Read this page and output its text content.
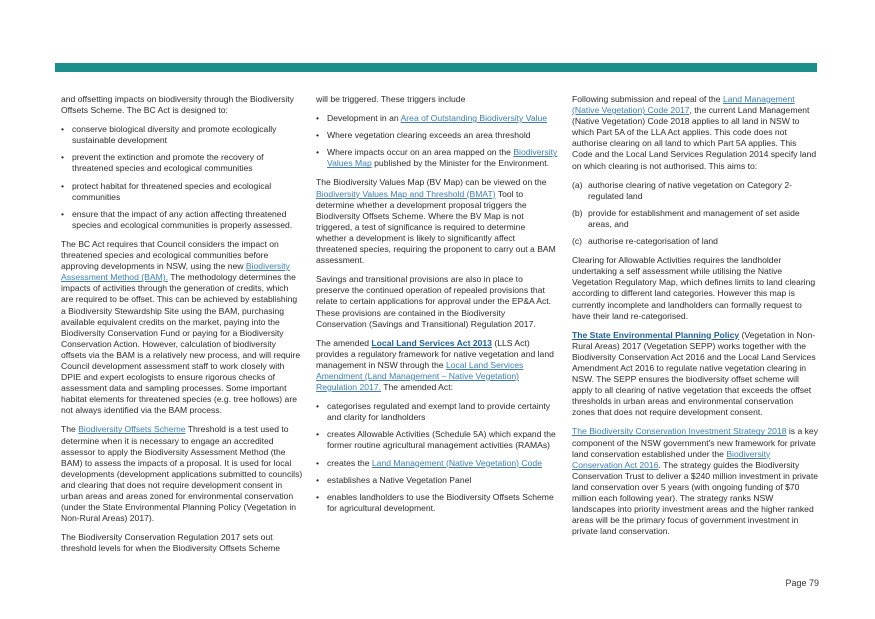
and offsetting impacts on biodiversity through the Biodiversity Offsets Scheme. The BC Act is designed to:

• conserve biological diversity and promote ecologically sustainable development
• prevent the extinction and promote the recovery of threatened species and ecological communities
• protect habitat for threatened species and ecological communities
• ensure that the impact of any action affecting threatened species and ecological communities is properly assessed.

The BC Act requires that Council considers the impact on threatened species and ecological communities before approving developments in NSW, using the new Biodiversity Assessment Method (BAM). The methodology determines the impacts of activities through the generation of credits, which are required to be offset. This can be achieved by establishing a Biodiversity Stewardship Site using the BAM, purchasing available equivalent credits on the market, paying into the Biodiversity Conservation Fund or paying for a Biodiversity Conservation Action. However, calculation of biodiversity offsets via the BAM is a relatively new process, and will require Council development assessment staff to work closely with DPIE and expert ecologists to ensure rigorous checks of assessment data and sampling processes. Some important habitat elements for threatened species (e.g. tree hollows) are not always identified via the BAM process.

The Biodiversity Offsets Scheme Threshold is a test used to determine when it is necessary to engage an accredited assessor to apply the Biodiversity Assessment Method (the BAM) to assess the impacts of a proposal. It is used for local developments (development applications submitted to councils) and clearing that does not require development consent in urban areas and areas zoned for environmental conservation (under the State Environmental Planning Policy (Vegetation in Non-Rural Areas) 2017).

The Biodiversity Conservation Regulation 2017 sets out threshold levels for when the Biodiversity Offsets Scheme

will be triggered. These triggers include

• Development in an Area of Outstanding Biodiversity Value
• Where vegetation clearing exceeds an area threshold
• Where impacts occur on an area mapped on the Biodiversity Values Map published by the Minister for the Environment.

The Biodiversity Values Map (BV Map) can be viewed on the Biodiversity Values Map and Threshold (BMAT) Tool to determine whether a development proposal triggers the Biodiversity Offsets Scheme. Where the BV Map is not triggered, a test of significance is required to determine whether a development is likely to significantly affect threatened species, requiring the proponent to carry out a BAM assessment.

Savings and transitional provisions are also in place to preserve the continued operation of repealed provisions that relate to certain applications for approval under the EP&A Act. These provisions are contained in the Biodiversity Conservation (Savings and Transitional) Regulation 2017.

The amended Local Land Services Act 2013 (LLS Act) provides a regulatory framework for native vegetation and land management in NSW through the Local Land Services Amendment (Land Management – Native Vegetation) Regulation 2017. The amended Act:

• categorises regulated and exempt land to provide certainty and clarity for landholders
• creates Allowable Activities (Schedule 5A) which expand the former routine agricultural management activities (RAMAs)
• creates the Land Management (Native Vegetation) Code
• establishes a Native Vegetation Panel
• enables landholders to use the Biodiversity Offsets Scheme for agricultural development.

Following submission and repeal of the Land Management (Native Vegetation) Code 2017, the current Land Management (Native Vegetation) Code 2018 applies to all land in NSW to which Part 5A of the LLA Act applies. This code does not authorise clearing on all land to which Part 5A applies. This Code and the Local Land Services Regulation 2014 specify land on which clearing is not authorised. This aims to:

(a) authorise clearing of native vegetation on Category 2-regulated land
(b) provide for establishment and management of set aside areas, and
(c) authorise re-categorisation of land

Clearing for Allowable Activities requires the landholder undertaking a self assessment while utilising the Native Vegetation Regulatory Map, which defines limits to land clearing according to different land categories. However this map is currently incomplete and landholders can formally request to have their land re-categorised.

The State Environmental Planning Policy (Vegetation in Non-Rural Areas) 2017 (Vegetation SEPP) works together with the Biodiversity Conservation Act 2016 and the Local Land Services Amendment Act 2016 to regulate native vegetation clearing in NSW. The SEPP ensures the biodiversity offset scheme will apply to all clearing of native vegetation that exceeds the offset thresholds in urban areas and environmental conservation zones that does not require development consent.

The Biodiversity Conservation Investment Strategy 2018 is a key component of the NSW government's new framework for private land conservation established under the Biodiversity Conservation Act 2016. The strategy guides the Biodiversity Conservation Trust to deliver a $240 million investment in private land conservation over 5 years (with ongoing funding of $70 million each following year). The strategy ranks NSW landscapes into priority investment areas and the higher ranked areas will be the primary focus of government investment in private land conservation.

Page 79
